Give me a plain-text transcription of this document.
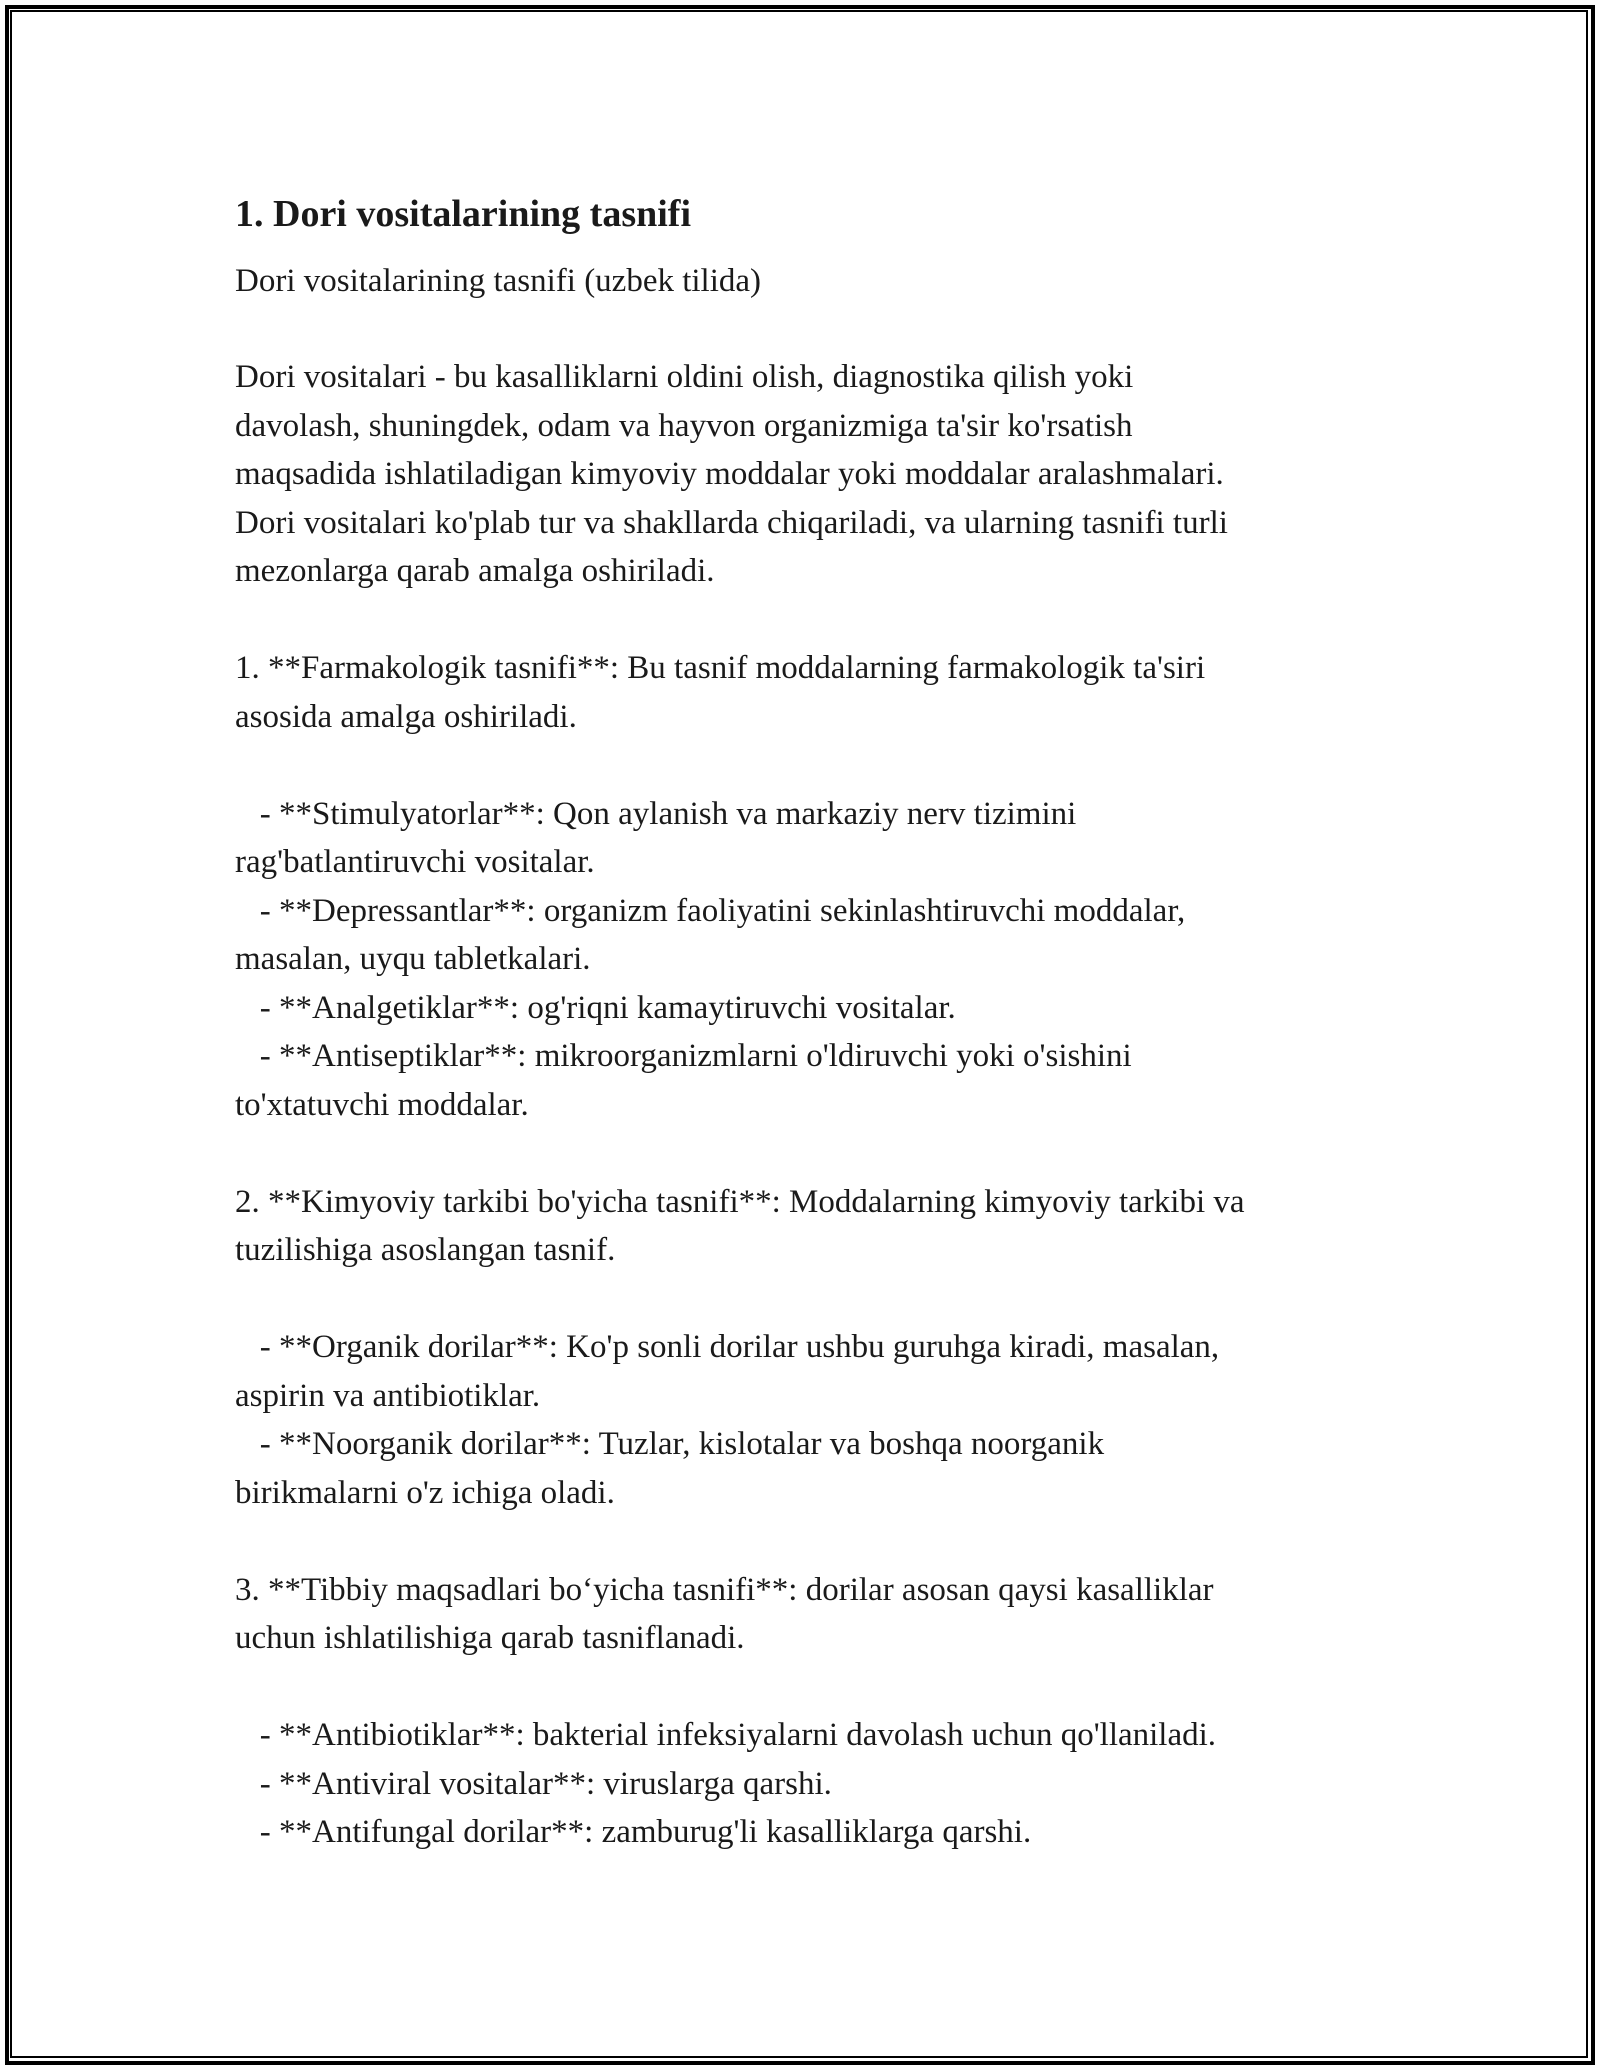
1. Dori vositalarining tasnifi

Dori vositalarining tasnifi (uzbek tilida)

Dori vositalari - bu kasalliklarni oldini olish, diagnostika qilish yoki
davolash, shuningdek, odam va hayvon organizmiga ta'sir ko'rsatish
maqsadida ishlatiladigan kimyoviy moddalar yoki moddalar aralashmalari.
Dori vositalari ko'plab tur va shakllarda chiqariladi, va ularning tasnifi turli
mezonlarga qarab amalga oshiriladi.

1. **Farmakologik tasnifi**: Bu tasnif moddalarning farmakologik ta'siri
asosida amalga oshiriladi.

- **Stimulyatorlar**: Qon aylanish va markaziy nerv tizimini
rag'batlantiruvchi vositalar.

- **Depressantlar**: organizm faoliyatini sekinlashtiruvchi moddalar,
masalan, uyqu tabletkalari.

- **Analgetiklar**: og'riqni kamaytiruvchi vositalar.

- **Antiseptiklar**: mikroorganizmlarni o'ldiruvchi yoki o'sishini
to'xtatuvchi moddalar.

2. **Kimyoviy tarkibi bo'yicha tasnifi**: Moddalarning kimyoviy tarkibi va
tuzilishiga asoslangan tasnif.

- **Organik dorilar**: Ko'p sonli dorilar ushbu guruhga kiradi, masalan,
aspirin va antibiotiklar.

- **Noorganik dorilar**: Tuzlar, kislotalar va boshqa noorganik
birikmalarni o'z ichiga oladi.

3. **Tibbiy maqsadlari bo‘yicha tasnifi**: dorilar asosan qaysi kasalliklar
uchun ishlatilishiga qarab tasniflanadi.

- **Antibiotiklar**: bakterial infeksiyalarni davolash uchun qo'llaniladi.

- **Antiviral vositalar**: viruslarga qarshi.

- **Antifungal dorilar**: zamburug'li kasalliklarga qarshi.
